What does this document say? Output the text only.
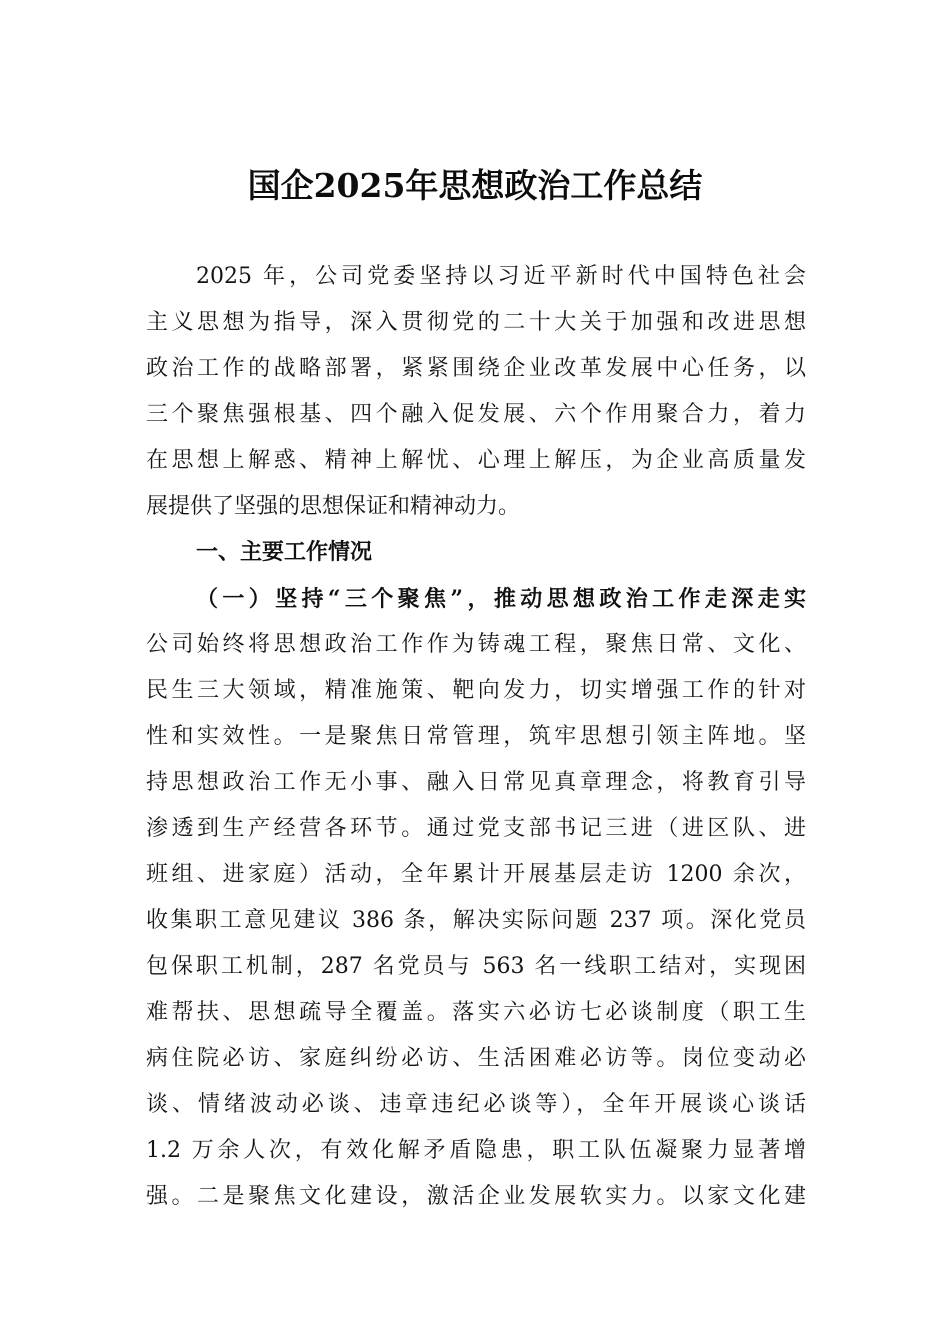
国企2025年思想政治工作总结
2025 年，公司党委坚持以习近平新时代中国特色社会
主义思想为指导，深入贯彻党的二十大关于加强和改进思想
政治工作的战略部署，紧紧围绕企业改革发展中心任务，以
三个聚焦强根基、四个融入促发展、六个作用聚合力，着力
在思想上解惑、精神上解忧、心理上解压，为企业高质量发
展提供了坚强的思想保证和精神动力。
一、主要工作情况
（一）坚持“三个聚焦”，推动思想政治工作走深走实
公司始终将思想政治工作作为铸魂工程，聚焦日常、文化、
民生三大领域，精准施策、靶向发力，切实增强工作的针对
性和实效性。一是聚焦日常管理，筑牢思想引领主阵地。坚
持思想政治工作无小事、融入日常见真章理念，将教育引导
渗透到生产经营各环节。通过党支部书记三进（进区队、进
班组、进家庭）活动，全年累计开展基层走访 1200 余次，
收集职工意见建议 386 条，解决实际问题 237 项。深化党员
包保职工机制，287 名党员与 563 名一线职工结对，实现困
难帮扶、思想疏导全覆盖。落实六必访七必谈制度（职工生
病住院必访、家庭纠纷必访、生活困难必访等。岗位变动必
谈、情绪波动必谈、违章违纪必谈等），全年开展谈心谈话
1.2 万余人次，有效化解矛盾隐患，职工队伍凝聚力显著增
强。二是聚焦文化建设，激活企业发展软实力。以家文化建
